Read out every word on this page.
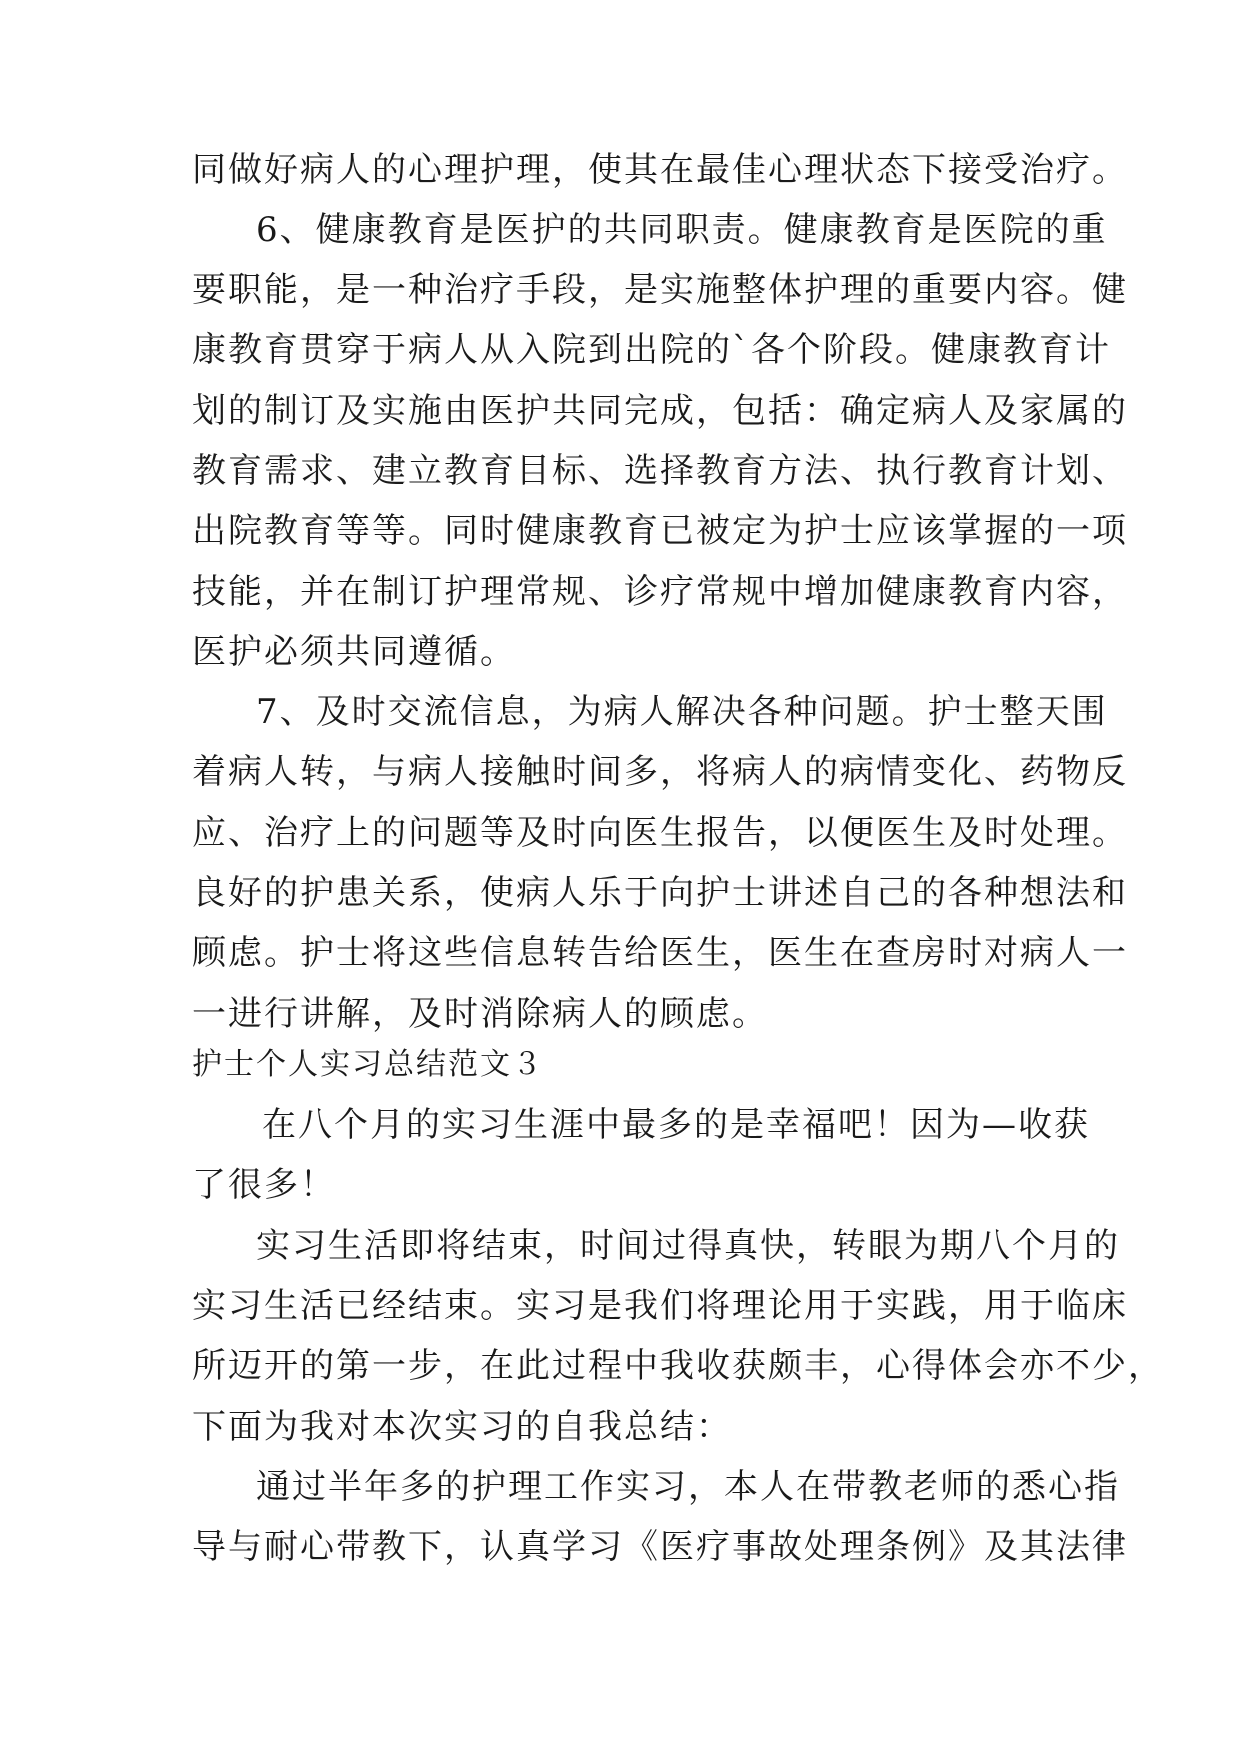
同做好病人的心理护理，使其在最佳心理状态下接受治疗。
6、健康教育是医护的共同职责。健康教育是医院的重
要职能，是一种治疗手段，是实施整体护理的重要内容。健
康教育贯穿于病人从入院到出院的`各个阶段。健康教育计
划的制订及实施由医护共同完成，包括：确定病人及家属的
教育需求、建立教育目标、选择教育方法、执行教育计划、
出院教育等等。同时健康教育已被定为护士应该掌握的一项
技能，并在制订护理常规、诊疗常规中增加健康教育内容，
医护必须共同遵循。
7、及时交流信息，为病人解决各种问题。护士整天围
着病人转，与病人接触时间多，将病人的病情变化、药物反
应、治疗上的问题等及时向医生报告，以便医生及时处理。
良好的护患关系，使病人乐于向护士讲述自己的各种想法和
顾虑。护士将这些信息转告给医生，医生在查房时对病人一
一进行讲解，及时消除病人的顾虑。
护士个人实习总结范文３
在八个月的实习生涯中最多的是幸福吧！因为—收获
了很多！
实习生活即将结束，时间过得真快，转眼为期八个月的
实习生活已经结束。实习是我们将理论用于实践，用于临床
所迈开的第一步，在此过程中我收获颇丰，心得体会亦不少，
下面为我对本次实习的自我总结：
通过半年多的护理工作实习，本人在带教老师的悉心指
导与耐心带教下，认真学习《医疗事故处理条例》及其法律
